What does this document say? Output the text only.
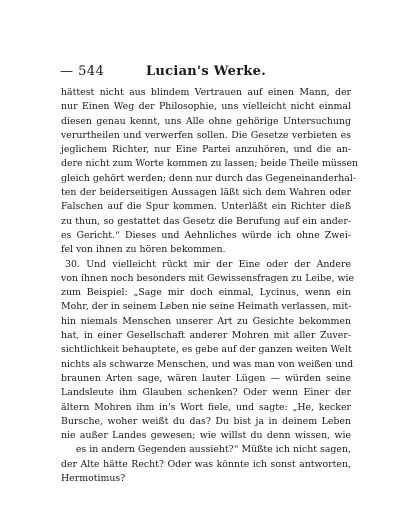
— 544	Lucian's Werke.
hättest nicht aus blindem Vertrauen auf einen Mann, der
nur Einen Weg der Philosophie, uns vielleicht nicht einmal
diesen genau kennt, uns Alle ohne gehörige Untersuchung
verurtheilen und verwerfen sollen. Die Gesetze verbieten es
jeglichem Richter, nur Eine Partei anzuhören, und die an-
dere nicht zum Worte kommen zu lassen; beide Theile müssen
gleich gehört werden; denn nur durch das Gegeneinanderhal-
ten der beiderseitigen Aussagen läßt sich dem Wahren oder
Falschen auf die Spur kommen. Unterläßt ein Richter dieß
zu thun, so gestattet das Gesetz die Berufung auf ein ander-
es Gericht.“ Dieses und Aehnliches würde ich ohne Zwei-
fel von ihnen zu hören bekommen.
30. Und vielleicht rückt mir der Eine oder der Andere
von ihnen noch besonders mit Gewissensfragen zu Leibe, wie
zum Beispiel: „Sage mir doch einmal, Lycinus, wenn ein
Mohr, der in seinem Leben nie seine Heimath verlassen, mit-
hin niemals Menschen unserer Art zu Gesichte bekommen
hat, in einer Gesellschaft anderer Mohren mit aller Zuver-
sichtlichkeit behauptete, es gebe auf der ganzen weiten Welt
nichts als schwarze Menschen, und was man von weißen und
braunen Arten sage, wären lauter Lügen — würden seine
Landsleute ihm Glauben schenken? Oder wenn Einer der
ältern Mohren ihm in's Wort fiele, und sagte: „He, kecker
Bursche, woher weißt du das? Du bist ja in deinem Leben
nie außer Landes gewesen; wie willst du denn wissen, wie
es in andern Gegenden aussieht?“ Müßte ich nicht sagen,
der Alte hätte Recht? Oder was könnte ich sonst antworten,
Hermotimus?
